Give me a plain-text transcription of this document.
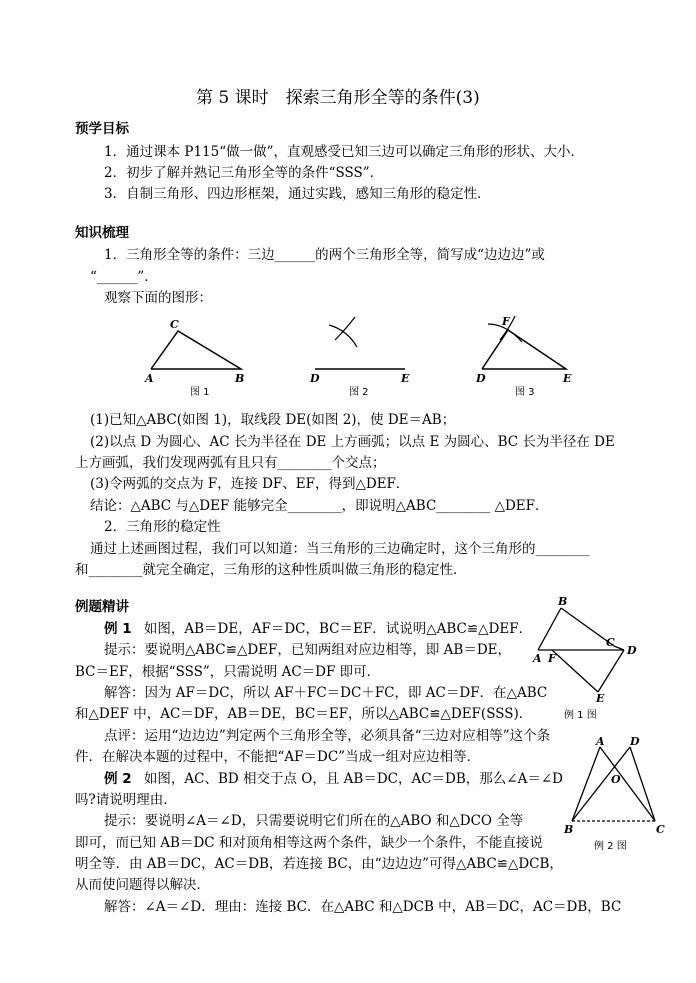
第 5 课时　探索三角形全等的条件(3)
预学目标
1．通过课本 P115“做一做”，直观感受已知三边可以确定三角形的形状、大小．
2．初步了解并熟记三角形全等的条件“SSS”．
3．自制三角形、四边形框架，通过实践，感知三角形的稳定性．
知识梳理
1．三角形全等的条件：三边______的两个三角形全等，简写成“边边边”或
“______”．
观察下面的图形：
C
A	B
图 1
D	E
图 2
F
D	E
图 3
(1)已知△ABC(如图 1)，取线段 DE(如图 2)，使 DE＝AB；
(2)以点 D 为圆心、AC 长为半径在 DE 上方画弧；以点 E 为圆心、BC 长为半径在 DE
上方画弧，我们发现两弧有且只有________个交点；
(3)令两弧的交点为 F，连接 DF、EF，得到△DEF．
结论：△ABC 与△DEF 能够完全________，即说明△ABC________ △DEF．
2．三角形的稳定性
通过上述画图过程，我们可以知道：当三角形的三边确定时，这个三角形的________
和________就完全确定，三角形的这种性质叫做三角形的稳定性．
例题精讲
例 1 如图，AB＝DE，AF＝DC，BC＝EF．试说明△ABC≌△DEF．
提示：要说明△ABC≌△DEF，已知两组对应边相等，即 AB＝DE，
BC＝EF，根据“SSS”，只需说明 AC＝DF 即可．
解答：因为 AF＝DC，所以 AF＋FC＝DC＋FC，即 AC＝DF．在△ABC
和△DEF 中，AC＝DF，AB＝DE，BC＝EF，所以△ABC≌△DEF(SSS)．
点评：运用“边边边”判定两个三角形全等，必须具备“三边对应相等”这个条
件．在解决本题的过程中，不能把“AF＝DC”当成一组对应边相等．
B
A F
C
D
E
例 1 图
例 2 如图，AC、BD 相交于点 O，且 AB＝DC，AC＝DB，那么∠A＝∠D
吗?请说明理由．
提示：要说明∠A＝∠D，只需要说明它们所在的△ABO 和△DCO 全等
即可，而已知 AB＝DC 和对顶角相等这两个条件，缺少一个条件，不能直接说
明全等．由 AB＝DC，AC＝DB，若连接 BC，由“边边边”可得△ABC≌△DCB，
从而使问题得以解决．
解答：∠A＝∠D．理由：连接 BC．在△ABC 和△DCB 中，AB＝DC，AC＝DB，BC
A D
O
B	C
例 2 图
